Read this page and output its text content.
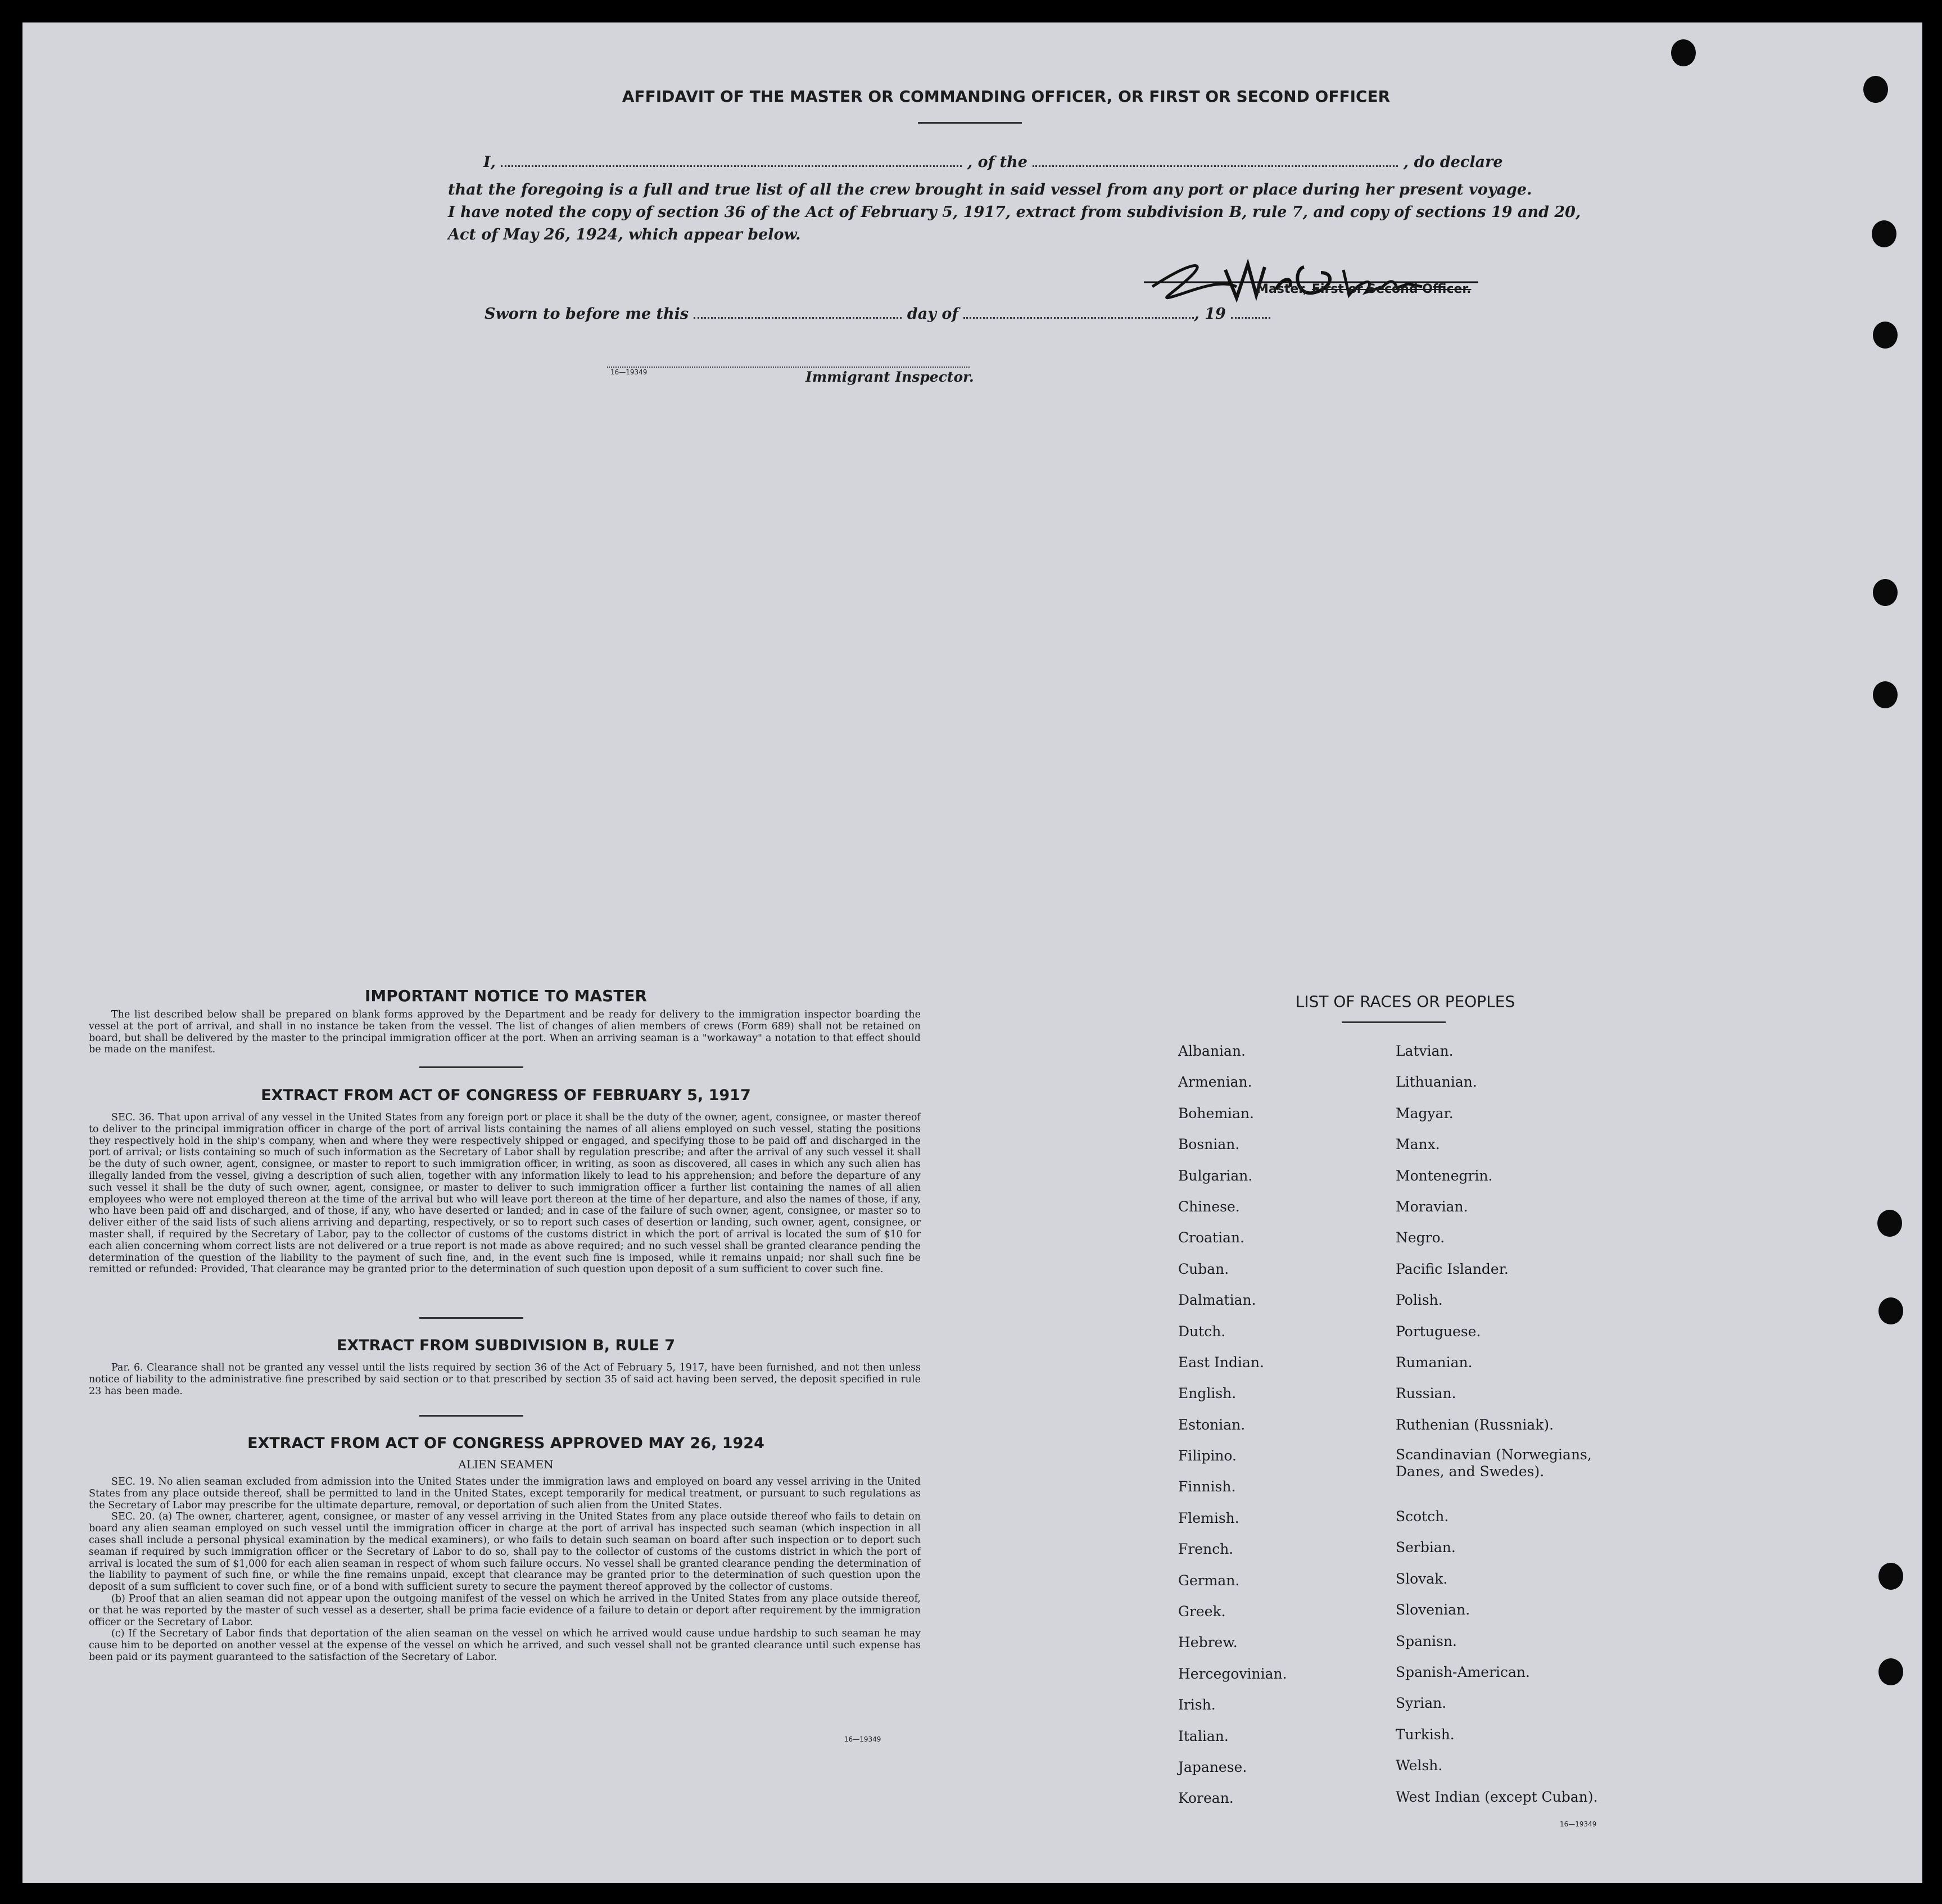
AFFIDAVIT OF THE MASTER OR COMMANDING OFFICER, OR FIRST OR SECOND OFFICER
I,	, of the	, do declare
that the foregoing is a full and true list of all the crew brought in said vessel from any port or place during her present voyage.
I have noted the copy of section 36 of the Act of February 5, 1917, extract from subdivision B, rule 7, and copy of sections 19 and 20,
Act of May 26, 1924, which appear below.
Master, First or Second Officer.
Sworn to before me this	day of	, 19
16—19349	Immigrant Inspector.
IMPORTANT NOTICE TO MASTER

The list described below shall be prepared on blank forms approved by the Department and be ready for delivery to the immigration inspector boarding the vessel at the port of arrival, and shall in no instance be taken from the vessel. The list of changes of alien members of crews (Form 689) shall not be retained on board, but shall be delivered by the master to the principal immigration officer at the port. When an arriving seaman is a "workaway" a notation to that effect should be made on the manifest.

EXTRACT FROM ACT OF CONGRESS OF FEBRUARY 5, 1917

SEC. 36. That upon arrival of any vessel in the United States from any foreign port or place it shall be the duty of the owner, agent, consignee, or master thereof to deliver to the principal immigration officer in charge of the port of arrival lists containing the names of all aliens employed on such vessel, stating the positions they respectively hold in the ship's company, when and where they were respectively shipped or engaged, and specifying those to be paid off and discharged in the port of arrival; or lists containing so much of such information as the Secretary of Labor shall by regulation prescribe; and after the arrival of any such vessel it shall be the duty of such owner, agent, consignee, or master to report to such immigration officer, in writing, as soon as discovered, all cases in which any such alien has illegally landed from the vessel, giving a description of such alien, together with any information likely to lead to his apprehension; and before the departure of any such vessel it shall be the duty of such owner, agent, consignee, or master to deliver to such immigration officer a further list containing the names of all alien employees who were not employed thereon at the time of the arrival but who will leave port thereon at the time of her departure, and also the names of those, if any, who have been paid off and discharged, and of those, if any, who have deserted or landed; and in case of the failure of such owner, agent, consignee, or master so to deliver either of the said lists of such aliens arriving and departing, respectively, or so to report such cases of desertion or landing, such owner, agent, consignee, or master shall, if required by the Secretary of Labor, pay to the collector of customs of the customs district in which the port of arrival is located the sum of $10 for each alien concerning whom correct lists are not delivered or a true report is not made as above required; and no such vessel shall be granted clearance pending the determination of the question of the liability to the payment of such fine, and, in the event such fine is imposed, while it remains unpaid; nor shall such fine be remitted or refunded: Provided, That clearance may be granted prior to the determination of such question upon deposit of a sum sufficient to cover such fine.

EXTRACT FROM SUBDIVISION B, RULE 7

Par. 6. Clearance shall not be granted any vessel until the lists required by section 36 of the Act of February 5, 1917, have been furnished, and not then unless notice of liability to the administrative fine prescribed by said section or to that prescribed by section 35 of said act having been served, the deposit specified in rule 23 has been made.

EXTRACT FROM ACT OF CONGRESS APPROVED MAY 26, 1924
ALIEN SEAMEN

SEC. 19. No alien seaman excluded from admission into the United States under the immigration laws and employed on board any vessel arriving in the United States from any place outside thereof, shall be permitted to land in the United States, except temporarily for medical treatment, or pursuant to such regulations as the Secretary of Labor may prescribe for the ultimate departure, removal, or deportation of such alien from the United States.

SEC. 20. (a) The owner, charterer, agent, consignee, or master of any vessel arriving in the United States from any place outside thereof who fails to detain on board any alien seaman employed on such vessel until the immigration officer in charge at the port of arrival has inspected such seaman (which inspection in all cases shall include a personal physical examination by the medical examiners), or who fails to detain such seaman on board after such inspection or to deport such seaman if required by such immigration officer or the Secretary of Labor to do so, shall pay to the collector of customs of the customs district in which the port of arrival is located the sum of $1,000 for each alien seaman in respect of whom such failure occurs. No vessel shall be granted clearance pending the determination of the liability to payment of such fine, or while the fine remains unpaid, except that clearance may be granted prior to the determination of such question upon the deposit of a sum sufficient to cover such fine, or of a bond with sufficient surety to secure the payment thereof approved by the collector of customs.

(b) Proof that an alien seaman did not appear upon the outgoing manifest of the vessel on which he arrived in the United States from any place outside thereof, or that he was reported by the master of such vessel as a deserter, shall be prima facie evidence of a failure to detain or deport after requirement by the immigration officer or the Secretary of Labor.

(c) If the Secretary of Labor finds that deportation of the alien seaman on the vessel on which he arrived would cause undue hardship to such seaman he may cause him to be deported on another vessel at the expense of the vessel on which he arrived, and such vessel shall not be granted clearance until such expense has been paid or its payment guaranteed to the satisfaction of the Secretary of Labor.

16—19349
LIST OF RACES OR PEOPLES
Albanian.
Armenian.
Bohemian.
Bosnian.
Bulgarian.
Chinese.
Croatian.
Cuban.
Dalmatian.
Dutch.
East Indian.
English.
Estonian.
Filipino.
Finnish.
Flemish.
French.
German.
Greek.
Hebrew.
Hercegovinian.
Irish.
Italian.
Japanese.
Korean.
Latvian.
Lithuanian.
Magyar.
Manx.
Montenegrin.
Moravian.
Negro.
Pacific Islander.
Polish.
Portuguese.
Rumanian.
Russian.
Ruthenian (Russniak).
Scandinavian (Norwegians,
Danes, and Swedes).
Scotch.
Serbian.
Slovak.
Slovenian.
Spanisn.
Spanish-American.
Syrian.
Turkish.
Welsh.
West Indian (except Cuban).
16—19349
